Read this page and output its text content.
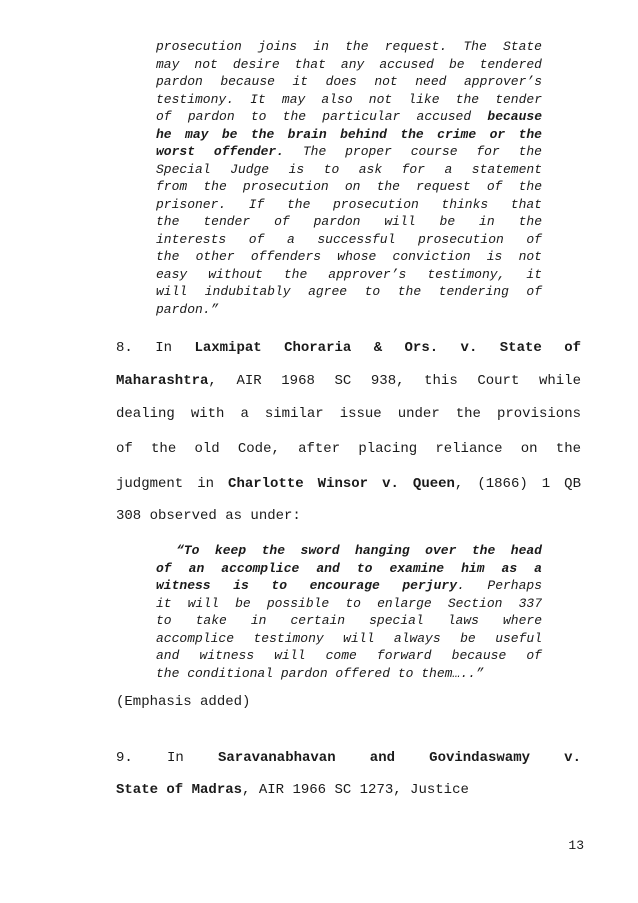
prosecution joins in the request. The State
may not desire that any accused be tendered
pardon because it does not need approver’s
testimony. It may also not like the tender
of pardon to the particular accused because
he may be the brain behind the crime or the
worst offender. The proper course for the
Special Judge is to ask for a statement
from the prosecution on the request of the
prisoner. If the prosecution thinks that
the tender of pardon will be in the
interests of a successful prosecution of
the other offenders whose conviction is not
easy without the approver’s testimony, it
will indubitably agree to the tendering of
pardon.”
8. In Laxmipat Choraria & Ors. v. State of
Maharashtra, AIR 1968 SC 938, this Court while
dealing with a similar issue under the provisions
of the old Code, after placing reliance on the
judgment in Charlotte Winsor v. Queen, (1866) 1 QB
308 observed as under:
“To keep the sword hanging over the head
of an accomplice and to examine him as a
witness is to encourage perjury. Perhaps
it will be possible to enlarge Section 337
to take in certain special laws where
accomplice testimony will always be useful
and witness will come forward because of
the conditional pardon offered to them…..”
(Emphasis added)
9. In Saravanabhavan and Govindaswamy v.
State of Madras, AIR 1966 SC 1273, Justice
13
